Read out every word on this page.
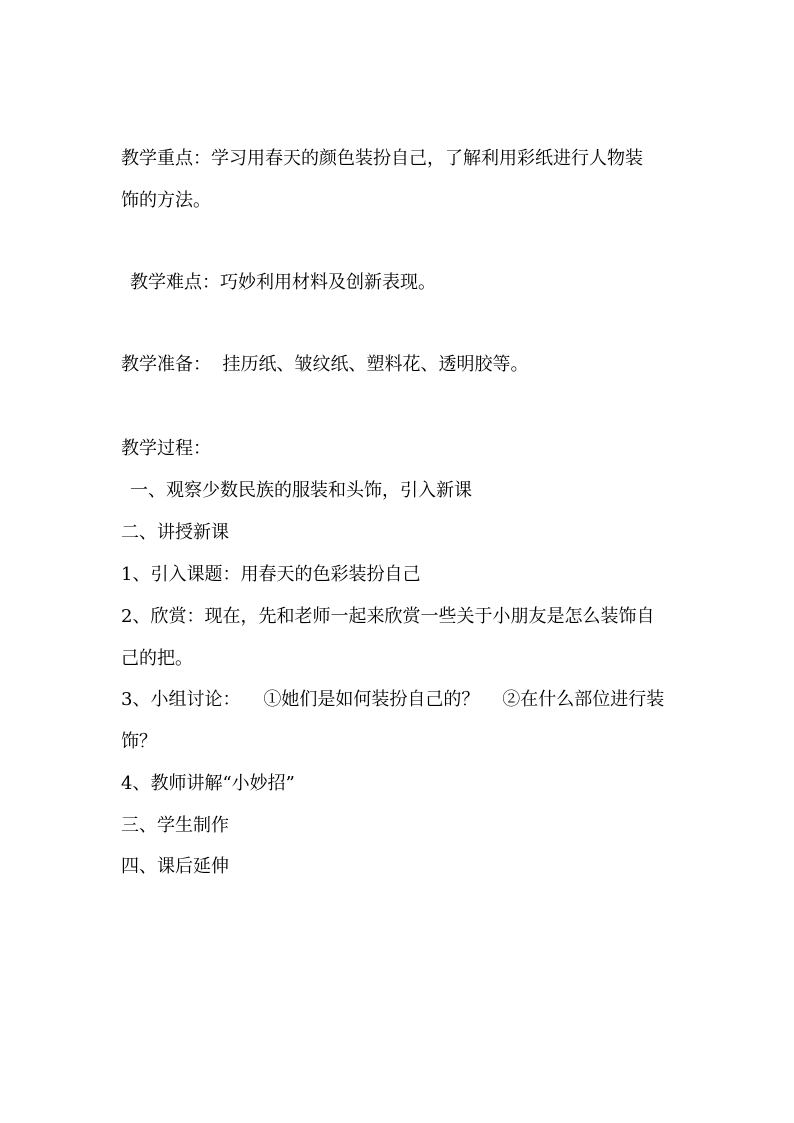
教学重点：学习用春天的颜色装扮自己，了解利用彩纸进行人物装

饰的方法。

教学难点：巧妙利用材料及创新表现。

教学准备：  挂历纸、皱纹纸、塑料花、透明胶等。

教学过程：

一、观察少数民族的服装和头饰，引入新课

二、讲授新课

1、引入课题：用春天的色彩装扮自己

2、欣赏：现在，先和老师一起来欣赏一些关于小朋友是怎么装饰自

己的把。

3、小组讨论：    ①她们是如何装扮自己的？    ②在什么部位进行装

饰？

4、教师讲解“小妙招”

三、学生制作

四、课后延伸
